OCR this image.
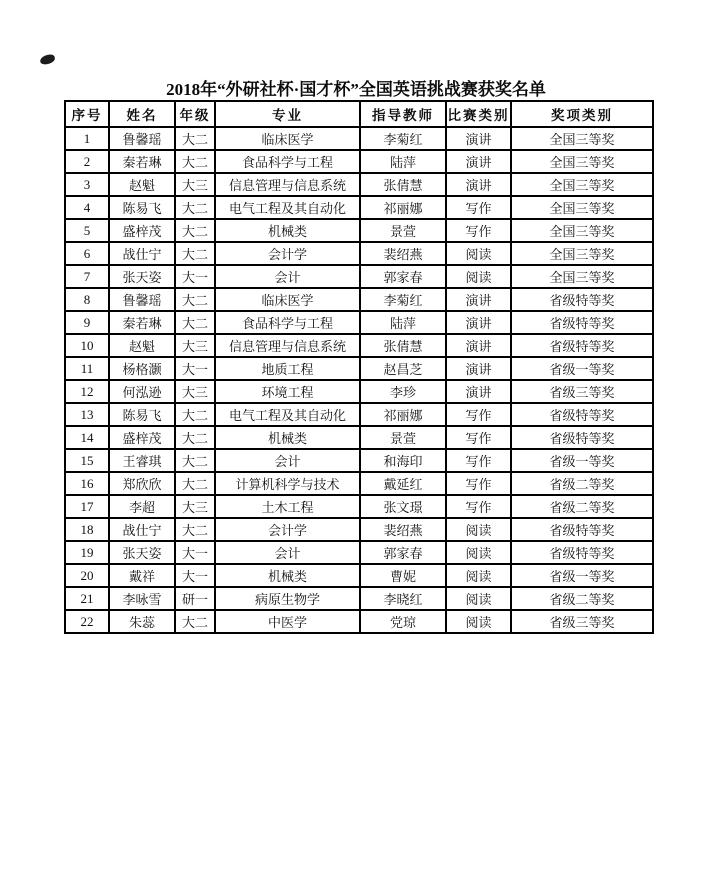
2018年“外研社杯·国才杯”全国英语挑战赛获奖名单
序号	姓名	年级	专业	指导教师	比赛类别	奖项类别
1	鲁馨瑶	大二	临床医学	李菊红	演讲	全国三等奖
2	秦若琳	大二	食品科学与工程	陆萍	演讲	全国三等奖
3	赵魁	大三	信息管理与信息系统	张倩慧	演讲	全国三等奖
4	陈易飞	大二	电气工程及其自动化	祁丽娜	写作	全国三等奖
5	盛梓茂	大二	机械类	景萱	写作	全国三等奖
6	战仕宁	大二	会计学	裴绍燕	阅读	全国三等奖
7	张天姿	大一	会计	郭家春	阅读	全国三等奖
8	鲁馨瑶	大二	临床医学	李菊红	演讲	省级特等奖
9	秦若琳	大二	食品科学与工程	陆萍	演讲	省级特等奖
10	赵魁	大三	信息管理与信息系统	张倩慧	演讲	省级特等奖
11	杨格灏	大一	地质工程	赵昌芝	演讲	省级一等奖
12	何泓逊	大三	环境工程	李珍	演讲	省级三等奖
13	陈易飞	大二	电气工程及其自动化	祁丽娜	写作	省级特等奖
14	盛梓茂	大二	机械类	景萱	写作	省级特等奖
15	王睿琪	大二	会计	和海印	写作	省级一等奖
16	郑欣欣	大二	计算机科学与技术	戴延红	写作	省级二等奖
17	李超	大三	土木工程	张文璟	写作	省级二等奖
18	战仕宁	大二	会计学	裴绍燕	阅读	省级特等奖
19	张天姿	大一	会计	郭家春	阅读	省级特等奖
20	戴祥	大一	机械类	曹妮	阅读	省级一等奖
21	李咏雪	研一	病原生物学	李晓红	阅读	省级二等奖
22	朱蕊	大二	中医学	党琼	阅读	省级三等奖
